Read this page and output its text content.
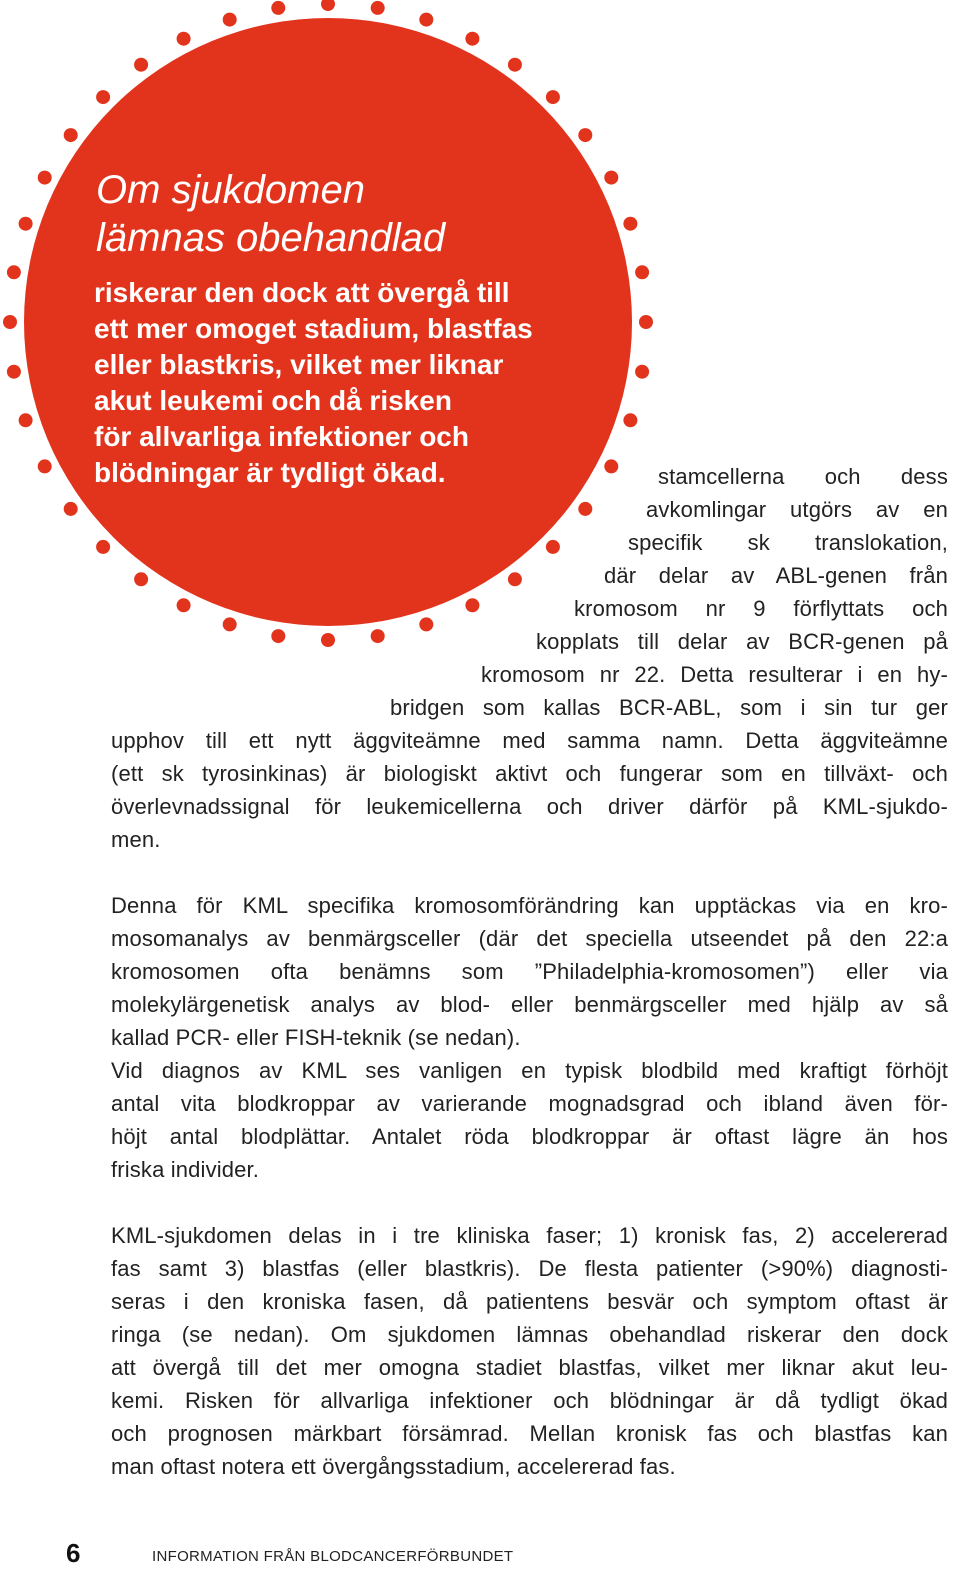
Om sjukdomen
lämnas obehandlad
riskerar den dock att övergå till
ett mer omoget stadium, blastfas
eller blastkris, vilket mer liknar
akut leukemi och då risken
för allvarliga infektioner och
blödningar är tydligt ökad.	stamcellerna och dess
avkomlingar utgörs av en
specifik sk translokation,
där delar av ABL-genen från
kromosom nr 9 förflyttats och
kopplats till delar av BCR-genen på
kromosom nr 22. Detta resulterar i en hy-
bridgen som kallas BCR-ABL, som i sin tur ger
upphov till ett nytt äggviteämne med samma namn. Detta äggviteämne
(ett sk tyrosinkinas) är biologiskt aktivt och fungerar som en tillväxt- och
överlevnadssignal för leukemicellerna och driver därför på KML-sjukdo-
men.
Denna för KML specifika kromosomförändring kan upptäckas via en kro-
mosomanalys av benmärgsceller (där det speciella utseendet på den 22:a
kromosomen ofta benämns som ”Philadelphia-kromosomen”) eller via
molekylärgenetisk analys av blod- eller benmärgsceller med hjälp av så
kallad PCR- eller FISH-teknik (se nedan).
Vid diagnos av KML ses vanligen en typisk blodbild med kraftigt förhöjt
antal vita blodkroppar av varierande mognadsgrad och ibland även för-
höjt antal blodplättar. Antalet röda blodkroppar är oftast lägre än hos
friska individer.
KML-sjukdomen delas in i tre kliniska faser; 1) kronisk fas, 2) accelererad
fas samt 3) blastfas (eller blastkris). De flesta patienter (>90%) diagnosti-
seras i den kroniska fasen, då patientens besvär och symptom oftast är
ringa (se nedan). Om sjukdomen lämnas obehandlad riskerar den dock
att övergå till det mer omogna stadiet blastfas, vilket mer liknar akut leu-
kemi. Risken för allvarliga infektioner och blödningar är då tydligt ökad
och prognosen märkbart försämrad. Mellan kronisk fas och blastfas kan
man oftast notera ett övergångsstadium, accelererad fas.
6	INFORMATION FRÅN BLODCANCERFÖRBUNDET
